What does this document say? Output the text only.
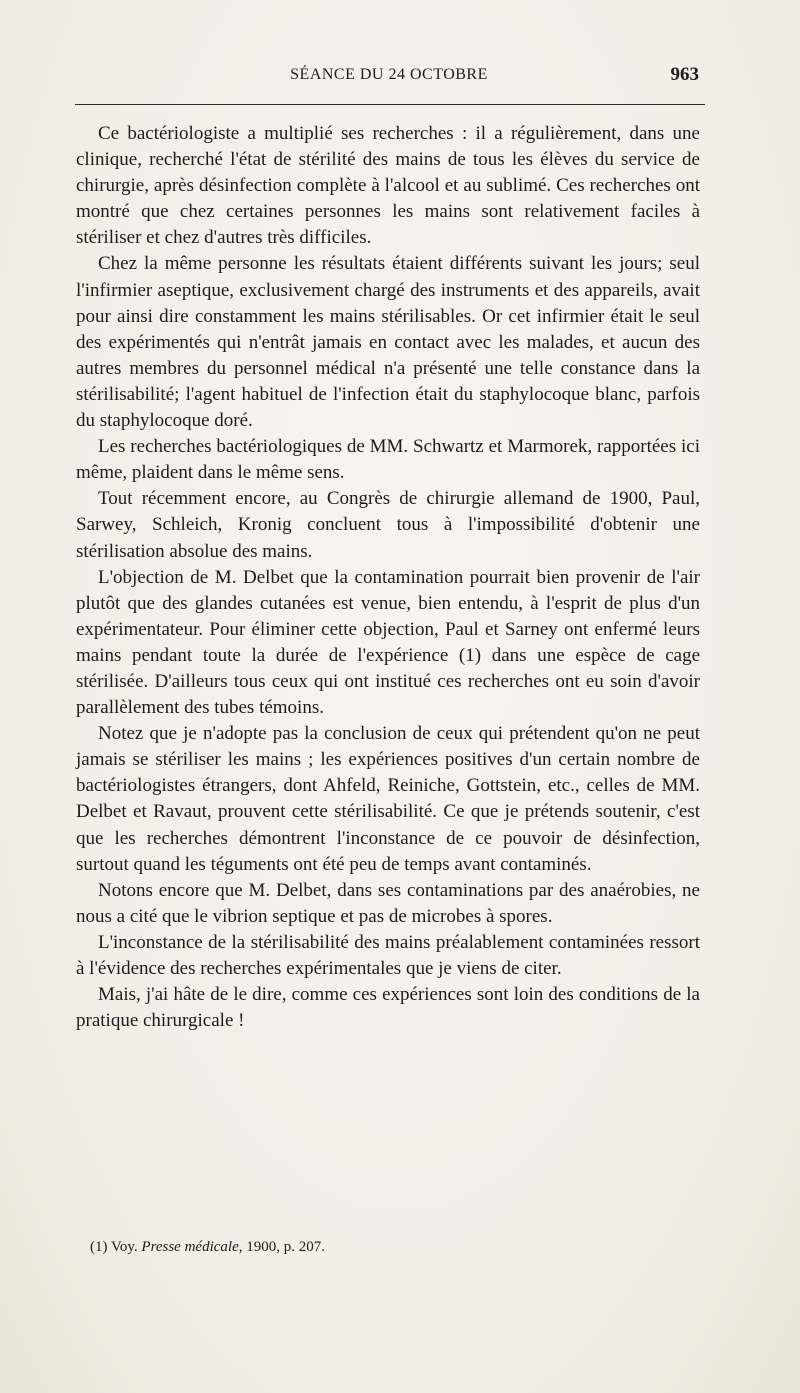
SÉANCE DU 24 OCTOBRE	963

Ce bactériologiste a multiplié ses recherches : il a régulièrement, dans une clinique, recherché l'état de stérilité des mains de tous les élèves du service de chirurgie, après désinfection complète à l'alcool et au sublimé. Ces recherches ont montré que chez certaines personnes les mains sont relativement faciles à stériliser et chez d'autres très difficiles.

Chez la même personne les résultats étaient différents suivant les jours; seul l'infirmier aseptique, exclusivement chargé des instruments et des appareils, avait pour ainsi dire constamment les mains stérilisables. Or cet infirmier était le seul des expérimentés qui n'entrât jamais en contact avec les malades, et aucun des autres membres du personnel médical n'a présenté une telle constance dans la stérilisabilité; l'agent habituel de l'infection était du staphylocoque blanc, parfois du staphylocoque doré.

Les recherches bactériologiques de MM. Schwartz et Marmorek, rapportées ici même, plaident dans le même sens.

Tout récemment encore, au Congrès de chirurgie allemand de 1900, Paul, Sarwey, Schleich, Kronig concluent tous à l'impossibilité d'obtenir une stérilisation absolue des mains.

L'objection de M. Delbet que la contamination pourrait bien provenir de l'air plutôt que des glandes cutanées est venue, bien entendu, à l'esprit de plus d'un expérimentateur. Pour éliminer cette objection, Paul et Sarney ont enfermé leurs mains pendant toute la durée de l'expérience (1) dans une espèce de cage stérilisée. D'ailleurs tous ceux qui ont institué ces recherches ont eu soin d'avoir parallèlement des tubes témoins.

Notez que je n'adopte pas la conclusion de ceux qui prétendent qu'on ne peut jamais se stériliser les mains ; les expériences positives d'un certain nombre de bactériologistes étrangers, dont Ahfeld, Reiniche, Gottstein, etc., celles de MM. Delbet et Ravaut, prouvent cette stérilisabilité. Ce que je prétends soutenir, c'est que les recherches démontrent l'inconstance de ce pouvoir de désinfection, surtout quand les téguments ont été peu de temps avant contaminés.

Notons encore que M. Delbet, dans ses contaminations par des anaérobies, ne nous a cité que le vibrion septique et pas de microbes à spores.

L'inconstance de la stérilisabilité des mains préalablement contaminées ressort à l'évidence des recherches expérimentales que je viens de citer.

Mais, j'ai hâte de le dire, comme ces expériences sont loin des conditions de la pratique chirurgicale !

(1) Voy. Presse médicale, 1900, p. 207.
